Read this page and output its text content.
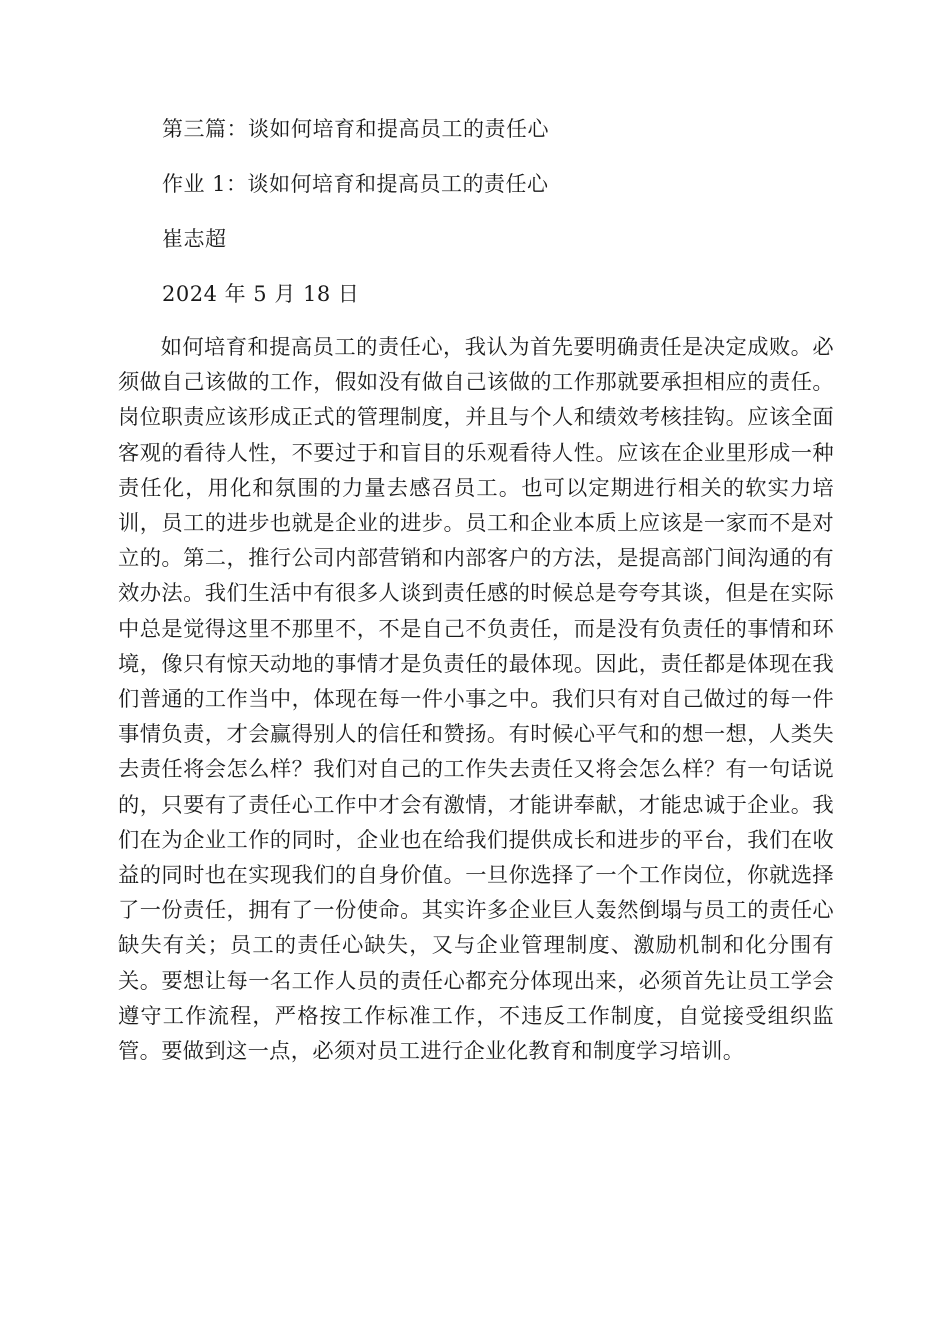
第三篇：谈如何培育和提高员工的责任心
作业 1：谈如何培育和提高员工的责任心
崔志超
2024 年 5 月 18 日

如何培育和提高员工的责任心，我认为首先要明确责任是决定成败。必须做自己该做的工作，假如没有做自己该做的工作那就要承担相应的责任。岗位职责应该形成正式的管理制度，并且与个人和绩效考核挂钩。应该全面客观的看待人性，不要过于和盲目的乐观看待人性。应该在企业里形成一种责任化，用化和氛围的力量去感召员工。也可以定期进行相关的软实力培训，员工的进步也就是企业的进步。员工和企业本质上应该是一家而不是对立的。第二，推行公司内部营销和内部客户的方法，是提高部门间沟通的有效办法。我们生活中有很多人谈到责任感的时候总是夸夸其谈，但是在实际中总是觉得这里不那里不，不是自己不负责任，而是没有负责任的事情和环境，像只有惊天动地的事情才是负责任的最体现。因此，责任都是体现在我们普通的工作当中，体现在每一件小事之中。我们只有对自己做过的每一件事情负责，才会赢得别人的信任和赞扬。有时候心平气和的想一想，人类失去责任将会怎么样？我们对自己的工作失去责任又将会怎么样？有一句话说的，只要有了责任心工作中才会有激情，才能讲奉献，才能忠诚于企业。我们在为企业工作的同时，企业也在给我们提供成长和进步的平台，我们在收益的同时也在实现我们的自身价值。一旦你选择了一个工作岗位，你就选择了一份责任，拥有了一份使命。其实许多企业巨人轰然倒塌与员工的责任心缺失有关；员工的责任心缺失，又与企业管理制度、激励机制和化分围有关。要想让每一名工作人员的责任心都充分体现出来，必须首先让员工学会遵守工作流程，严格按工作标准工作，不违反工作制度，自觉接受组织监管。要做到这一点，必须对员工进行企业化教育和制度学习培训。
